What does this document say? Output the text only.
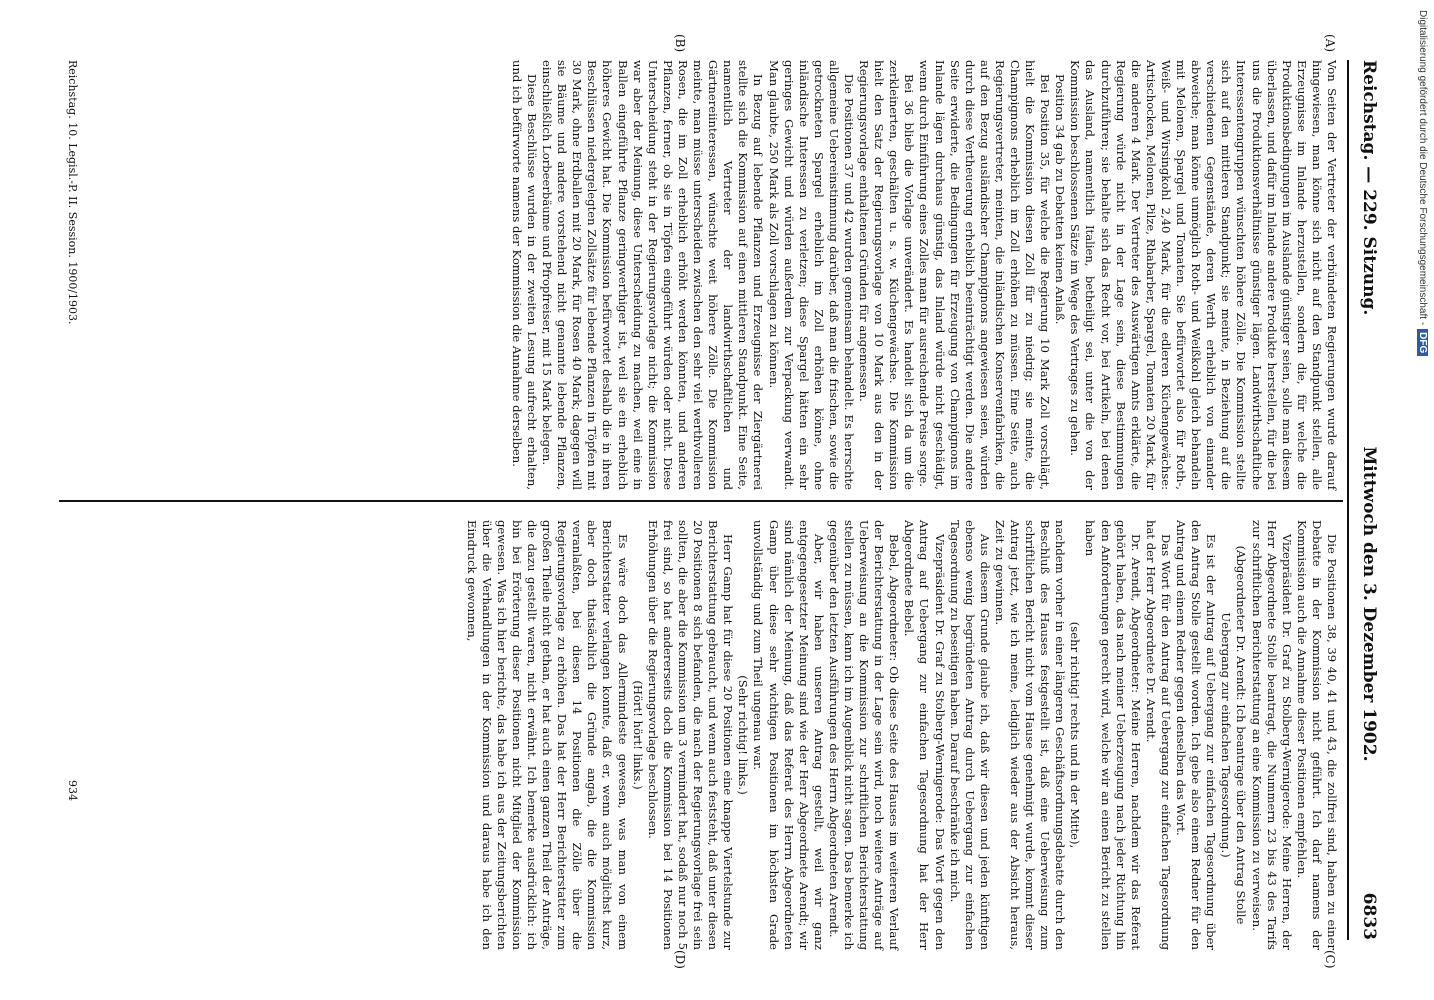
Reichstag. — 229. Sitzung.
Mittwoch den 3. Dezember 1902.
6833
(A)
(B)
(C)
(D)

Von Seiten der Vertreter der verbündeten Regierungen wurde darauf hingewiesen, man könne sich nicht auf den Standpunkt stellen, alle Erzeugnisse im Inlande herzustellen, sondern die, für welche die Produktionsbedingungen im Auslande günstiger seien, solle man diesem überlassen, und dafür im Inlande andere Produkte herstellen, für die bei uns die Produktionsverhältnisse günstiger lägen. Landwirthschaftliche Interessentengruppen wünschten höhere Zölle. Die Kommission stellte sich auf den mittleren Standpunkt; sie meinte, in Beziehung auf die verschiedenen Gegenstände, deren Werth erheblich von einander abweiche; man könne unmöglich Roth- und Weißkohl gleich behandeln mit Melonen, Spargel und Tomaten. Sie befürwortet also für Roth-, Weiß- und Wirsingkohl 2,40 Mark, für die edleren Küchengewächse: Artischocken, Melonen, Pilze, Rhabarber, Spargel, Tomaten 20 Mark, für die anderen 4 Mark. Der Vertreter des Auswärtigen Amts erklärte, die Regierung würde nicht in der Lage sein, diese Bestimmungen durchzuführen; sie behalte sich das Recht vor, bei Artikeln, bei denen das Ausland, namentlich Italien, betheiligt sei, unter die von der Kommission beschlossenen Sätze im Wege des Vertrages zu gehen.

Position 34 gab zu Debatten keinen Anlaß.

Bei Position 35, für welche die Regierung 10 Mark Zoll vorschlägt, hielt die Kommission diesen Zoll für zu niedrig; sie meinte, die Champignons erheblich im Zoll erhöhen zu müssen. Eine Seite, auch Regierungsvertreter, meinten, die inländischen Konservenfabriken, die auf den Bezug ausländischer Champignons angewiesen seien, würden durch diese Vertheuerung erheblich beeinträchtigt werden. Die andere Seite erwiderte, die Bedingungen für Erzeugung von Champignons im Inlande lägen durchaus günstig, das Inland würde nicht geschädigt, wenn durch Einführung eines Zolles man für ausreichende Preise sorge.

Bei 36 blieb die Vorlage unverändert. Es handelt sich da um die zerkleinerten, geschälten u. s. w. Küchengewächse. Die Kommission hielt den Satz der Regierungsvorlage von 10 Mark aus den in der Regierungsvorlage enthaltenen Gründen für angemessen.

Die Positionen 37 und 42 wurden gemeinsam behandelt. Es herrschte allgemeine Uebereinstimmung darüber, daß man die frischen, sowie die getrockneten Spargel erheblich im Zoll erhöhen könne, ohne inländische Interessen zu verletzen; diese Spargel hätten ein sehr geringes Gewicht und würden außerdem zur Verpackung verwandt. Man glaubte, 250 Mark als Zoll vorschlagen zu können.

In Bezug auf lebende Pflanzen und Erzeugnisse der Ziergärtnerei stellte sich die Kommission auf einen mittleren Standpunkt. Eine Seite, namentlich Vertreter der landwirthschaftlichen und Gärtnereiinteressen, wünschte weit höhere Zölle. Die Kommission meinte, man müsse unterscheiden zwischen den sehr viel werthvolleren Rosen, die im Zoll erheblich erhöht werden könnten, und anderen Pflanzen, ferner, ob sie in Töpfen eingeführt würden oder nicht. Diese Unterscheidung steht in der Regierungsvorlage nicht; die Kommission war aber der Meinung, diese Unterscheidung zu machen, weil eine in Ballen eingeführte Pflanze geringwerthiger ist, weil sie ein erheblich höheres Gewicht hat. Die Kommission befürwortet deshalb die in ihren Beschlüssen niedergelegten Zollsätze für lebende Pflanzen in Töpfen mit 30 Mark, ohne Erdballen mit 20 Mark, für Rosen 40 Mark; dagegen will sie Bäume und andere vorstehend nicht genannte lebende Pflanzen, einschließlich Lorbeerbäume und Pfropfreiser, mit 15 Mark belegen.

Diese Beschlüsse wurden in der zweiten Lesung aufrecht erhalten, und ich befürworte namens der Kommission die Annahme derselben.

Die Positionen 38, 39 40, 41 und 43, die zollfrei sind, haben zu einer Debatte in der Kommission nicht geführt. Ich darf namens der Kommission auch die Annahme dieser Positionen empfehlen.

Vizepräsident Dr. Graf zu Stolberg-Wernigerode: Meine Herren, der Herr Abgeordnete Stolle beantragt, die Nummern 23 bis 43 des Tarifs zur schriftlichen Berichterstattung an eine Kommission zu verweisen.

(Abgeordneter Dr. Arendt: Ich beantrage über den Antrag Stolle Uebergang zur einfachen Tagesordnung.)

Es ist der Antrag auf Uebergang zur einfachen Tagesordnung über den Antrag Stolle gestellt worden. Ich gebe also einem Redner für den Antrag und einem Redner gegen denselben das Wort.

Das Wort für den Antrag auf Uebergang zur einfachen Tagesordnung hat der Herr Abgeordnete Dr. Arendt.

Dr. Arendt, Abgeordneter: Meine Herren, nachdem wir das Referat gehört haben, das nach meiner Ueberzeugung nach jeder Richtung hin den Anforderungen gerecht wird, welche wir an einen Bericht zu stellen haben

(sehr richtig! rechts und in der Mitte),

nachdem vorher in einer längeren Geschäftsordnungsdebatte durch den Beschluß des Hauses festgestellt ist, daß eine Ueberweisung zum schriftlichen Bericht nicht vom Hause genehmigt wurde, kommt dieser Antrag jetzt, wie ich meine, lediglich wieder aus der Absicht heraus, Zeit zu gewinnen.

Aus diesem Grunde glaube ich, daß wir diesen und jeden künftigen ebenso wenig begründeten Antrag durch Uebergang zur einfachen Tagesordnung zu beseitigen haben. Darauf beschränke ich mich.

Vizepräsident Dr. Graf zu Stolberg-Wernigerode: Das Wort gegen den Antrag auf Uebergang zur einfachen Tagesordnung hat der Herr Abgeordnete Bebel.

Bebel, Abgeordneter: Ob diese Seite des Hauses im weiteren Verlauf der Berichterstattung in der Lage sein wird, noch weitere Anträge auf Ueberweisung an die Kommission zur schriftlichen Berichterstattung stellen zu müssen, kann ich im Augenblick nicht sagen. Das bemerke ich gegenüber den letzten Ausführungen des Herrn Abgeordneten Arendt.

Aber, wir haben unseren Antrag gestellt, weil wir ganz entgegengesetzter Meinung sind wie der Herr Abgeordnete Arendt; wir sind nämlich der Meinung, daß das Referat des Herrn Abgeordneten Gamp über diese sehr wichtigen Positionen im höchsten Grade unvollständig und zum Theil ungenau war.

(Sehr richtig! links.)

Herr Gamp hat für diese 20 Positionen eine knappe Viertelstunde zur Berichterstattung gebraucht, und wenn auch feststeht, daß unter diesen 20 Positionen 8 sich befanden, die nach der Regierungsvorlage frei sein sollten, die aber die Kommission um 3 vermindert hat, sodaß nur noch 5 frei sind, so hat andererseits doch die Kommission bei 14 Positionen Erhöhungen über die Regierungsvorlage beschlossen.

(Hört! hört! links.)

Es wäre doch das Allermindeste gewesen, was man von einem Berichterstatter verlangen konnte, daß er, wenn auch möglichst kurz, aber doch thatsächlich die Gründe angab, die die Kommission veranlaßten, bei diesen 14 Positionen die Zölle über die Regierungsvorlage zu erhöhen. Das hat der Herr Berichterstatter zum großen Theile nicht gethan, er hat auch einen ganzen Theil der Anträge, die dazu gestellt waren, nicht erwähnt. Ich bemerke ausdrücklich: ich bin bei Erörterung dieser Positionen nicht Mitglied der Kommission gewesen. Was ich hier berichte, das habe ich aus der Zeitungsberichten über die Verhandlungen in der Kommission und daraus habe ich den Eindruck gewonnen,

Reichstag. 10. Legisl.-P. II. Session. 1900/1903.
934
Digitalisierung gefördert durch die Deutsche Forschungsgemeinschaft -DFG
